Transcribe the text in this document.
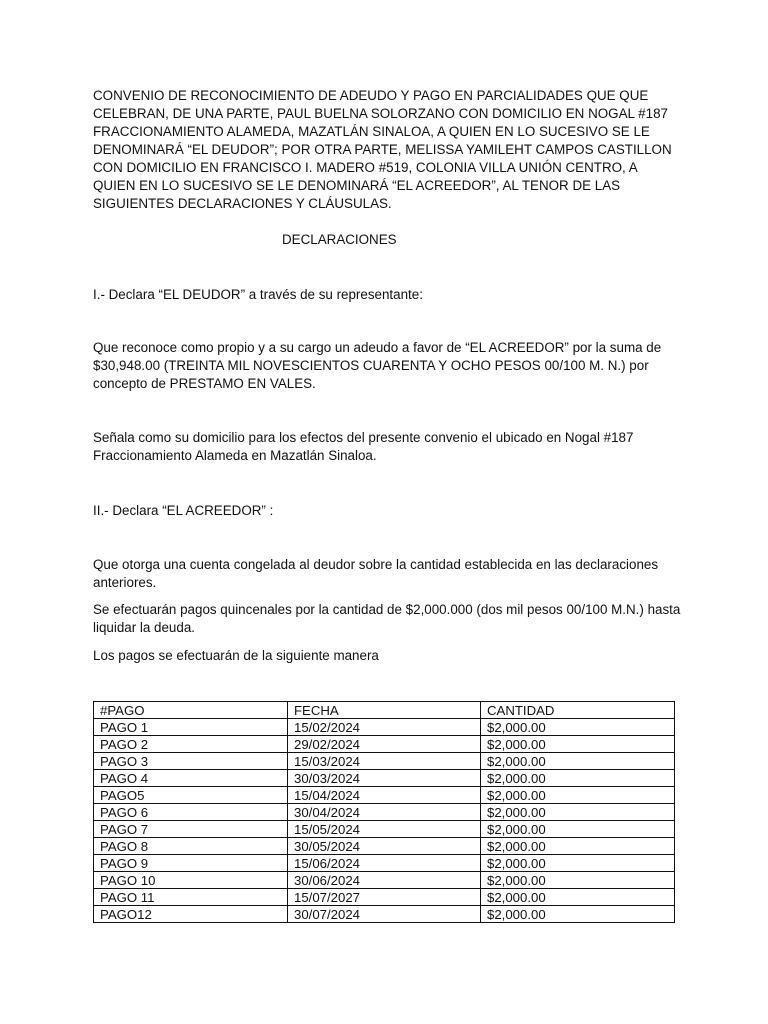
CONVENIO DE RECONOCIMIENTO DE ADEUDO Y PAGO EN PARCIALIDADES QUE QUE CELEBRAN, DE UNA PARTE, PAUL BUELNA SOLORZANO CON DOMICILIO EN NOGAL #187 FRACCIONAMIENTO ALAMEDA, MAZATLÁN SINALOA, A QUIEN EN LO SUCESIVO SE LE DENOMINARÁ “EL DEUDOR”; POR OTRA PARTE, MELISSA YAMILEHT CAMPOS CASTILLON CON DOMICILIO EN FRANCISCO I. MADERO #519, COLONIA VILLA UNIÓN CENTRO, A QUIEN EN LO SUCESIVO SE LE DENOMINARÁ “EL ACREEDOR”, AL TENOR DE LAS SIGUIENTES DECLARACIONES Y CLÁUSULAS.

DECLARACIONES

I.- Declara “EL DEUDOR” a través de su representante:

Que reconoce como propio y a su cargo un adeudo a favor de “EL ACREEDOR” por la suma de $30,948.00 (TREINTA MIL NOVESCIENTOS CUARENTA Y OCHO PESOS 00/100 M. N.) por concepto de PRESTAMO EN VALES.

Señala como su domicilio para los efectos del presente convenio el ubicado en Nogal #187 Fraccionamiento Alameda en Mazatlán Sinaloa.

II.- Declara “EL ACREEDOR” :

Que otorga una cuenta congelada al deudor sobre la cantidad establecida en las declaraciones anteriores.

Se efectuarán pagos quincenales por la cantidad de $2,000.000 (dos mil pesos 00/100 M.N.) hasta liquidar la deuda.

Los pagos se efectuarán de la siguiente manera

#PAGO	FECHA	CANTIDAD
PAGO 1	15/02/2024	$2,000.00
PAGO 2	29/02/2024	$2,000.00
PAGO 3	15/03/2024	$2,000.00
PAGO 4	30/03/2024	$2,000.00
PAGO5	15/04/2024	$2,000.00
PAGO 6	30/04/2024	$2,000.00
PAGO 7	15/05/2024	$2,000.00
PAGO 8	30/05/2024	$2,000.00
PAGO 9	15/06/2024	$2,000.00
PAGO 10	30/06/2024	$2,000.00
PAGO 11	15/07/2027	$2,000.00
PAGO12	30/07/2024	$2,000.00
